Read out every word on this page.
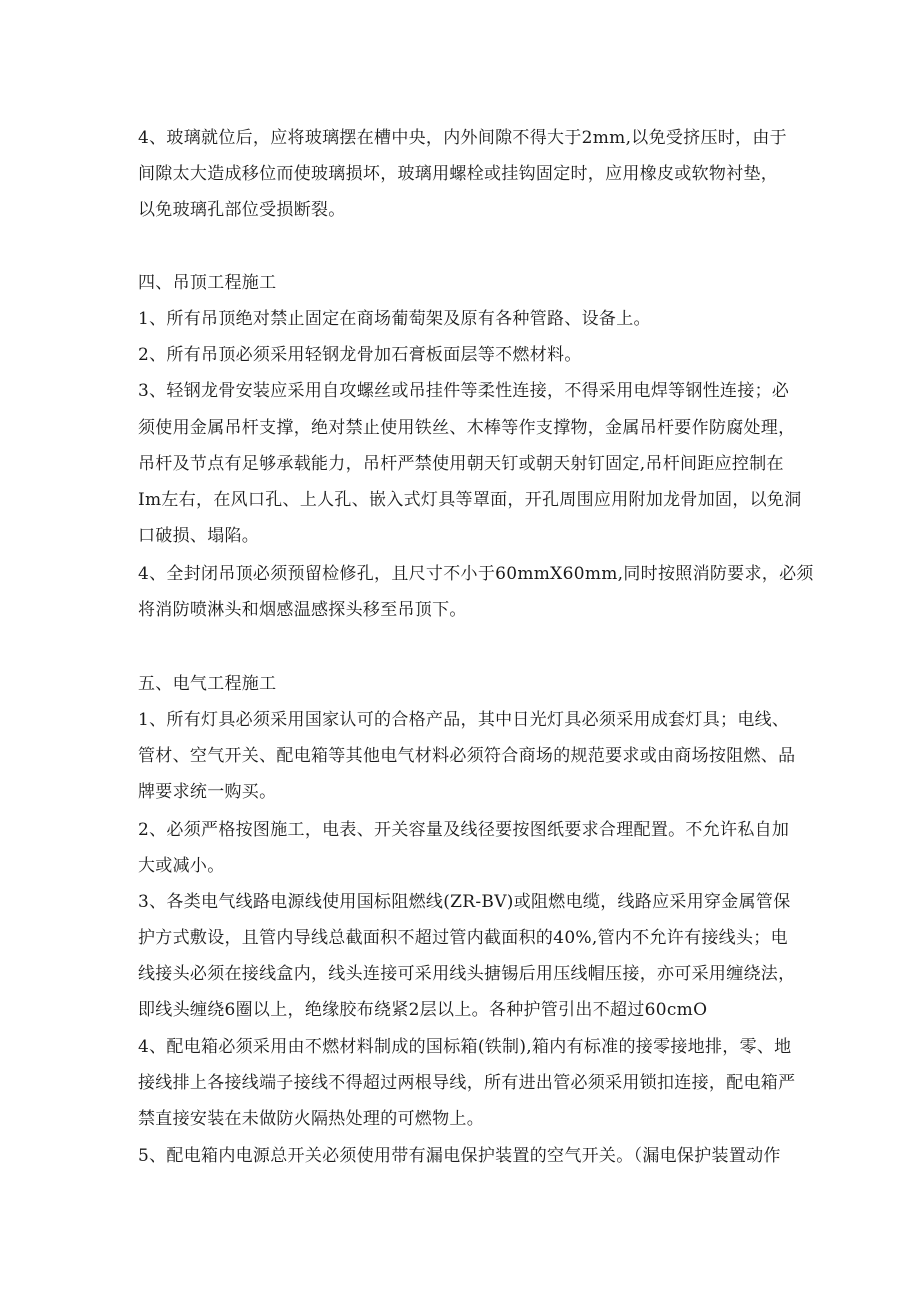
4、玻璃就位后，应将玻璃摆在槽中央，内外间隙不得大于2mm,以免受挤压时，由于
间隙太大造成移位而使玻璃损坏，玻璃用螺栓或挂钩固定时，应用橡皮或软物衬垫，
以免玻璃孔部位受损断裂。
四、吊顶工程施工
1、所有吊顶绝对禁止固定在商场葡萄架及原有各种管路、设备上。
2、所有吊顶必须采用轻钢龙骨加石膏板面层等不燃材料。
3、轻钢龙骨安装应采用自攻螺丝或吊挂件等柔性连接，不得采用电焊等钢性连接；必
须使用金属吊杆支撑，绝对禁止使用铁丝、木棒等作支撑物，金属吊杆要作防腐处理，
吊杆及节点有足够承载能力，吊杆严禁使用朝天钉或朝天射钉固定,吊杆间距应控制在
Im左右，在风口孔、上人孔、嵌入式灯具等罩面，开孔周围应用附加龙骨加固，以免洞
口破损、塌陷。
4、全封闭吊顶必须预留检修孔，且尺寸不小于60mmX60mm,同时按照消防要求，必须
将消防喷淋头和烟感温感探头移至吊顶下。
五、电气工程施工
1、所有灯具必须采用国家认可的合格产品，其中日光灯具必须采用成套灯具；电线、
管材、空气开关、配电箱等其他电气材料必须符合商场的规范要求或由商场按阻燃、品
牌要求统一购买。
2、必须严格按图施工，电表、开关容量及线径要按图纸要求合理配置。不允许私自加
大或减小。
3、各类电气线路电源线使用国标阻燃线(ZR-BV)或阻燃电缆，线路应采用穿金属管保
护方式敷设，且管内导线总截面积不超过管内截面积的40%,管内不允许有接线头；电
线接头必须在接线盒内，线头连接可采用线头搪锡后用压线帽压接，亦可采用缠绕法，
即线头缠绕6圈以上，绝缘胶布绕紧2层以上。各种护管引出不超过60cmO
4、配电箱必须采用由不燃材料制成的国标箱(铁制),箱内有标准的接零接地排，零、地
接线排上各接线端子接线不得超过两根导线，所有进出管必须采用锁扣连接，配电箱严
禁直接安装在未做防火隔热处理的可燃物上。
5、配电箱内电源总开关必须使用带有漏电保护装置的空气开关。（漏电保护装置动作
